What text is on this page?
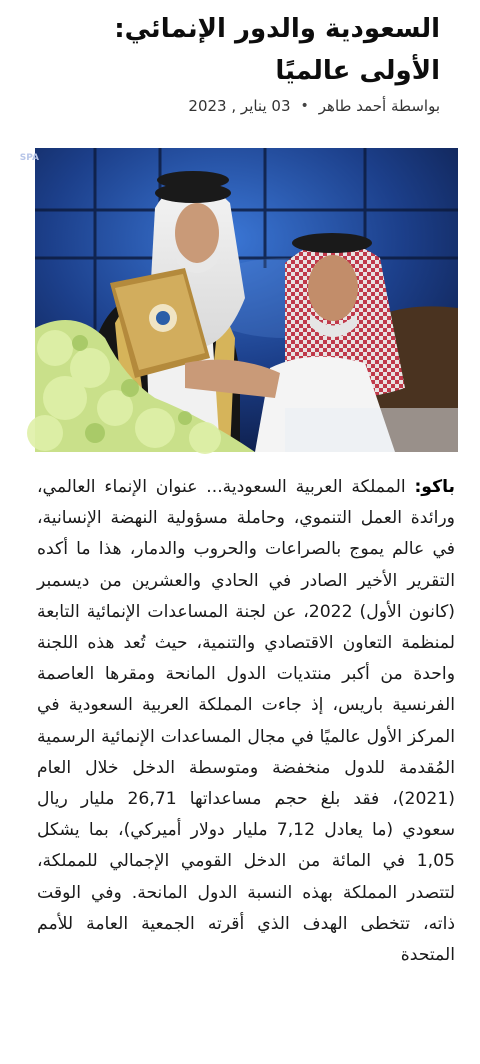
السعودية والدور الإنمائي:
الأولى عالميًا
بواسطة أحمد طاهر
•
03 يناير , 2023
SPA

باكو: المملكة العربية السعودية... عنوان الإنماء العالمي، ورائدة العمل التنموي، وحاملة مسؤولية النهضة الإنسانية، في عالم يموج بالصراعات والحروب والدمار، هذا ما أكده التقرير الأخير الصادر في الحادي والعشرين من ديسمبر (كانون الأول) 2022، عن لجنة المساعدات الإنمائية التابعة لمنظمة التعاون الاقتصادي والتنمية، حيث تُعد هذه اللجنة واحدة من أكبر منتديات الدول المانحة ومقرها العاصمة الفرنسية باريس، إذ جاءت المملكة العربية السعودية في المركز الأول عالميًا في مجال المساعدات الإنمائية الرسمية المُقدمة للدول منخفضة ومتوسطة الدخل خلال العام (2021)، فقد بلغ حجم مساعداتها 26,71 مليار ريال سعودي (ما يعادل 7,12 مليار دولار أميركي)، بما يشكل 1,05 في المائة من الدخل القومي الإجمالي للمملكة، لتتصدر المملكة بهذه النسبة الدول المانحة. وفي الوقت ذاته، تتخطى الهدف الذي أقرته الجمعية العامة للأمم المتحدة
